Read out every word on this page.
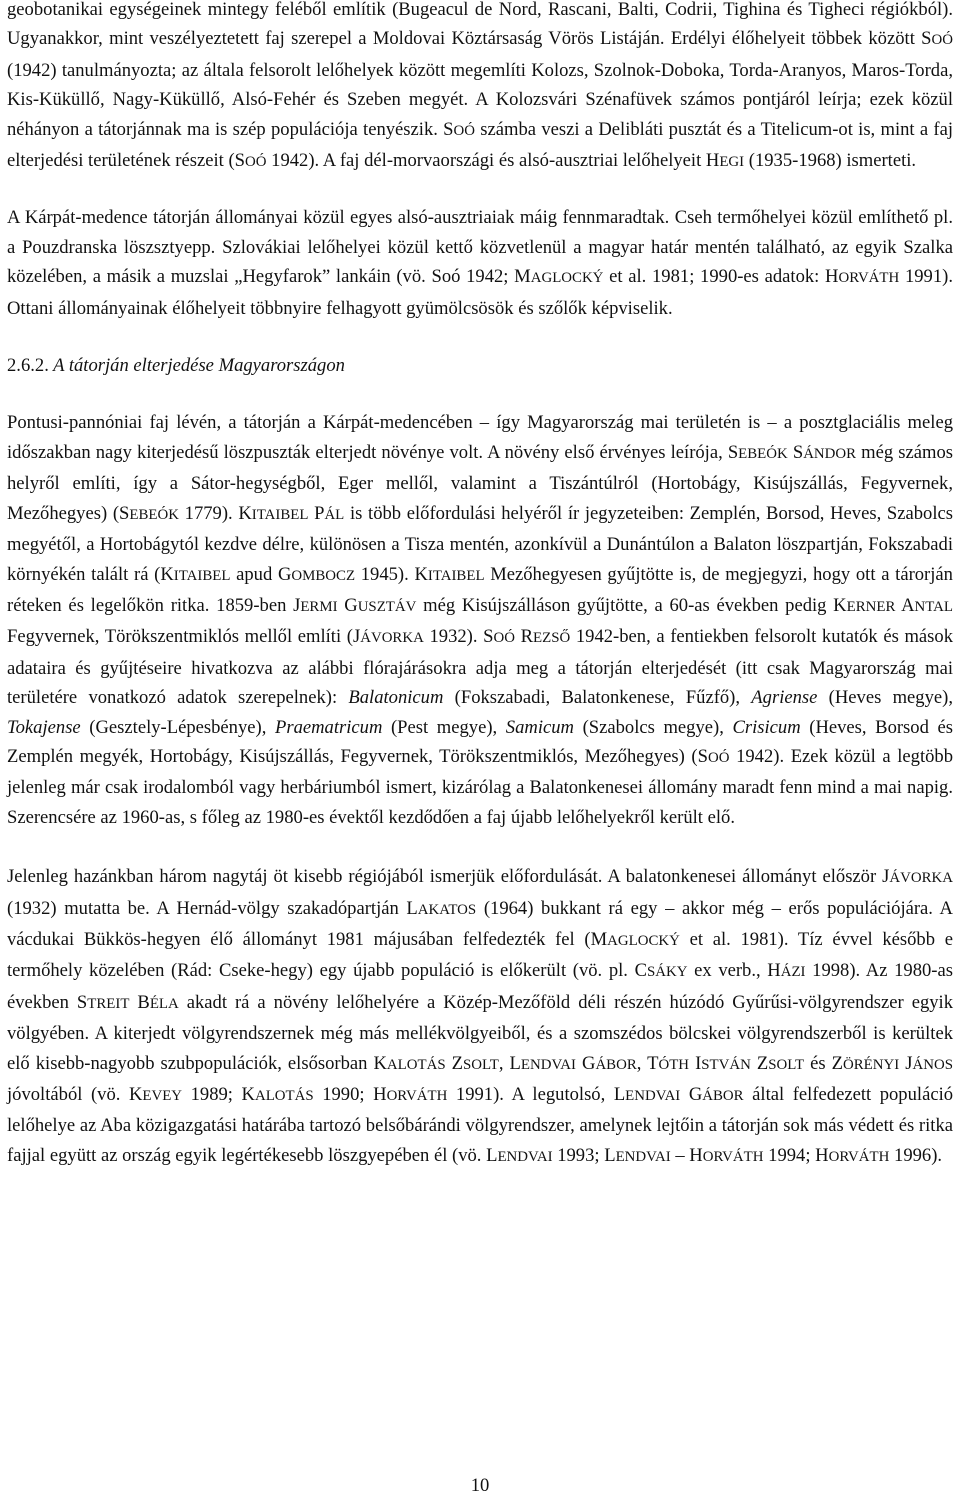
geobotanikai egységeinek mintegy feléből említik (Bugeacul de Nord, Rascani, Balti, Codrii, Tighina és Tigheci régiókból). Ugyanakkor, mint veszélyeztetett faj szerepel a Moldovai Köztársaság Vörös Listáján. Erdélyi élőhelyeit többek között SOÓ (1942) tanulmányozta; az általa felsorolt lelőhelyek között megemlíti Kolozs, Szolnok-Doboka, Torda-Aranyos, Maros-Torda, Kis-Küküllő, Nagy-Küküllő, Alsó-Fehér és Szeben megyét. A Kolozsvári Szénafüvek számos pontjáról leírja; ezek közül néhányon a tátorjánnak ma is szép populációja tenyészik. SOÓ számba veszi a Delibláti pusztát és a Titelicum-ot is, mint a faj elterjedési területének részeit (SOÓ 1942). A faj dél-morvaországi és alsó-ausztriai lelőhelyeit HEGI (1935-1968) ismerteti.

A Kárpát-medence tátorján állományai közül egyes alsó-ausztriaiak máig fennmaradtak. Cseh termőhelyei közül említhető pl. a Pouzdranska löszsztyepp. Szlovákiai lelőhelyei közül kettő közvetlenül a magyar határ mentén található, az egyik Szalka közelében, a másik a muzslai „Hegyfarok” lankáin (vö. Soó 1942; MAGLOCKÝ et al. 1981; 1990-es adatok: HORVÁTH 1991). Ottani állományainak élőhelyeit többnyire felhagyott gyümölcsösök és szőlők képviselik.

2.6.2. A tátorján elterjedése Magyarországon

Pontusi-pannóniai faj lévén, a tátorján a Kárpát-medencében – így Magyarország mai területén is – a posztglaciális meleg időszakban nagy kiterjedésű löszpuszták elterjedt növénye volt. A növény első érvényes leírója, SEBEÓK SÁNDOR még számos helyről említi, így a Sátor-hegységből, Eger mellől, valamint a Tiszántúlról (Hortobágy, Kisújszállás, Fegyvernek, Mezőhegyes) (SEBEÓK 1779). KITAIBEL PÁL is több előfordulási helyéről ír jegyzeteiben: Zemplén, Borsod, Heves, Szabolcs megyétől, a Hortobágytól kezdve délre, különösen a Tisza mentén, azonkívül a Dunántúlon a Balaton löszpartján, Fokszabadi környékén talált rá (KITAIBEL apud GOMBOCZ 1945). KITAIBEL Mezőhegyesen gyűjtötte is, de megjegyzi, hogy ott a tárorján réteken és legelőkön ritka. 1859-ben JERMI GUSZTÁV még Kisújszálláson gyűjtötte, a 60-as években pedig KERNER ANTAL Fegyvernek, Törökszentmiklós mellől említi (JÁVORKA 1932). SOÓ REZSŐ 1942-ben, a fentiekben felsorolt kutatók és mások adataira és gyűjtéseire hivatkozva az alábbi flórajárásokra adja meg a tátorján elterjedését (itt csak Magyarország mai területére vonatkozó adatok szerepelnek): Balatonicum (Fokszabadi, Balatonkenese, Fűzfő), Agriense (Heves megye), Tokajense (Gesztely-Lépesbénye), Praematricum (Pest megye), Samicum (Szabolcs megye), Crisicum (Heves, Borsod és Zemplén megyék, Hortobágy, Kisújszállás, Fegyvernek, Törökszentmiklós, Mezőhegyes) (SOÓ 1942). Ezek közül a legtöbb jelenleg már csak irodalomból vagy herbáriumból ismert, kizárólag a Balatonkenesei állomány maradt fenn mind a mai napig. Szerencsére az 1960-as, s főleg az 1980-es évektől kezdődően a faj újabb lelőhelyekről került elő.

Jelenleg hazánkban három nagytáj öt kisebb régiójából ismerjük előfordulását. A balatonkenesei állományt először JÁVORKA (1932) mutatta be. A Hernád-völgy szakadópartján LAKATOS (1964) bukkant rá egy – akkor még – erős populációjára. A vácdukai Bükkös-hegyen élő állományt 1981 májusában felfedezték fel (MAGLOCKÝ et al. 1981). Tíz évvel később e termőhely közelében (Rád: Cseke-hegy) egy újabb populáció is előkerült (vö. pl. CSÁKY ex verb., HÁZI 1998). Az 1980-as években STREIT BÉLA akadt rá a növény lelőhelyére a Közép-Mezőföld déli részén húzódó Gyűrűsi-völgyrendszer egyik völgyében. A kiterjedt völgyrendszernek még más mellékvölgyeiből, és a szomszédos bölcskei völgyrendszerből is kerültek elő kisebb-nagyobb szubpopulációk, elsősorban KALOTÁS ZSOLT, LENDVAI GÁBOR, TÓTH ISTVÁN ZSOLT és ZÖRÉNYI JÁNOS jóvoltából (vö. KEVEY 1989; KALOTÁS 1990; HORVÁTH 1991). A legutolsó, LENDVAI GÁBOR által felfedezett populáció lelőhelye az Aba közigazgatási határába tartozó belsőbárándi völgyrendszer, amelynek lejtőin a tátorján sok más védett és ritka fajjal együtt az ország egyik legértékesebb löszgyepében él (vö. LENDVAI 1993; LENDVAI – HORVÁTH 1994; HORVÁTH 1996).

10
